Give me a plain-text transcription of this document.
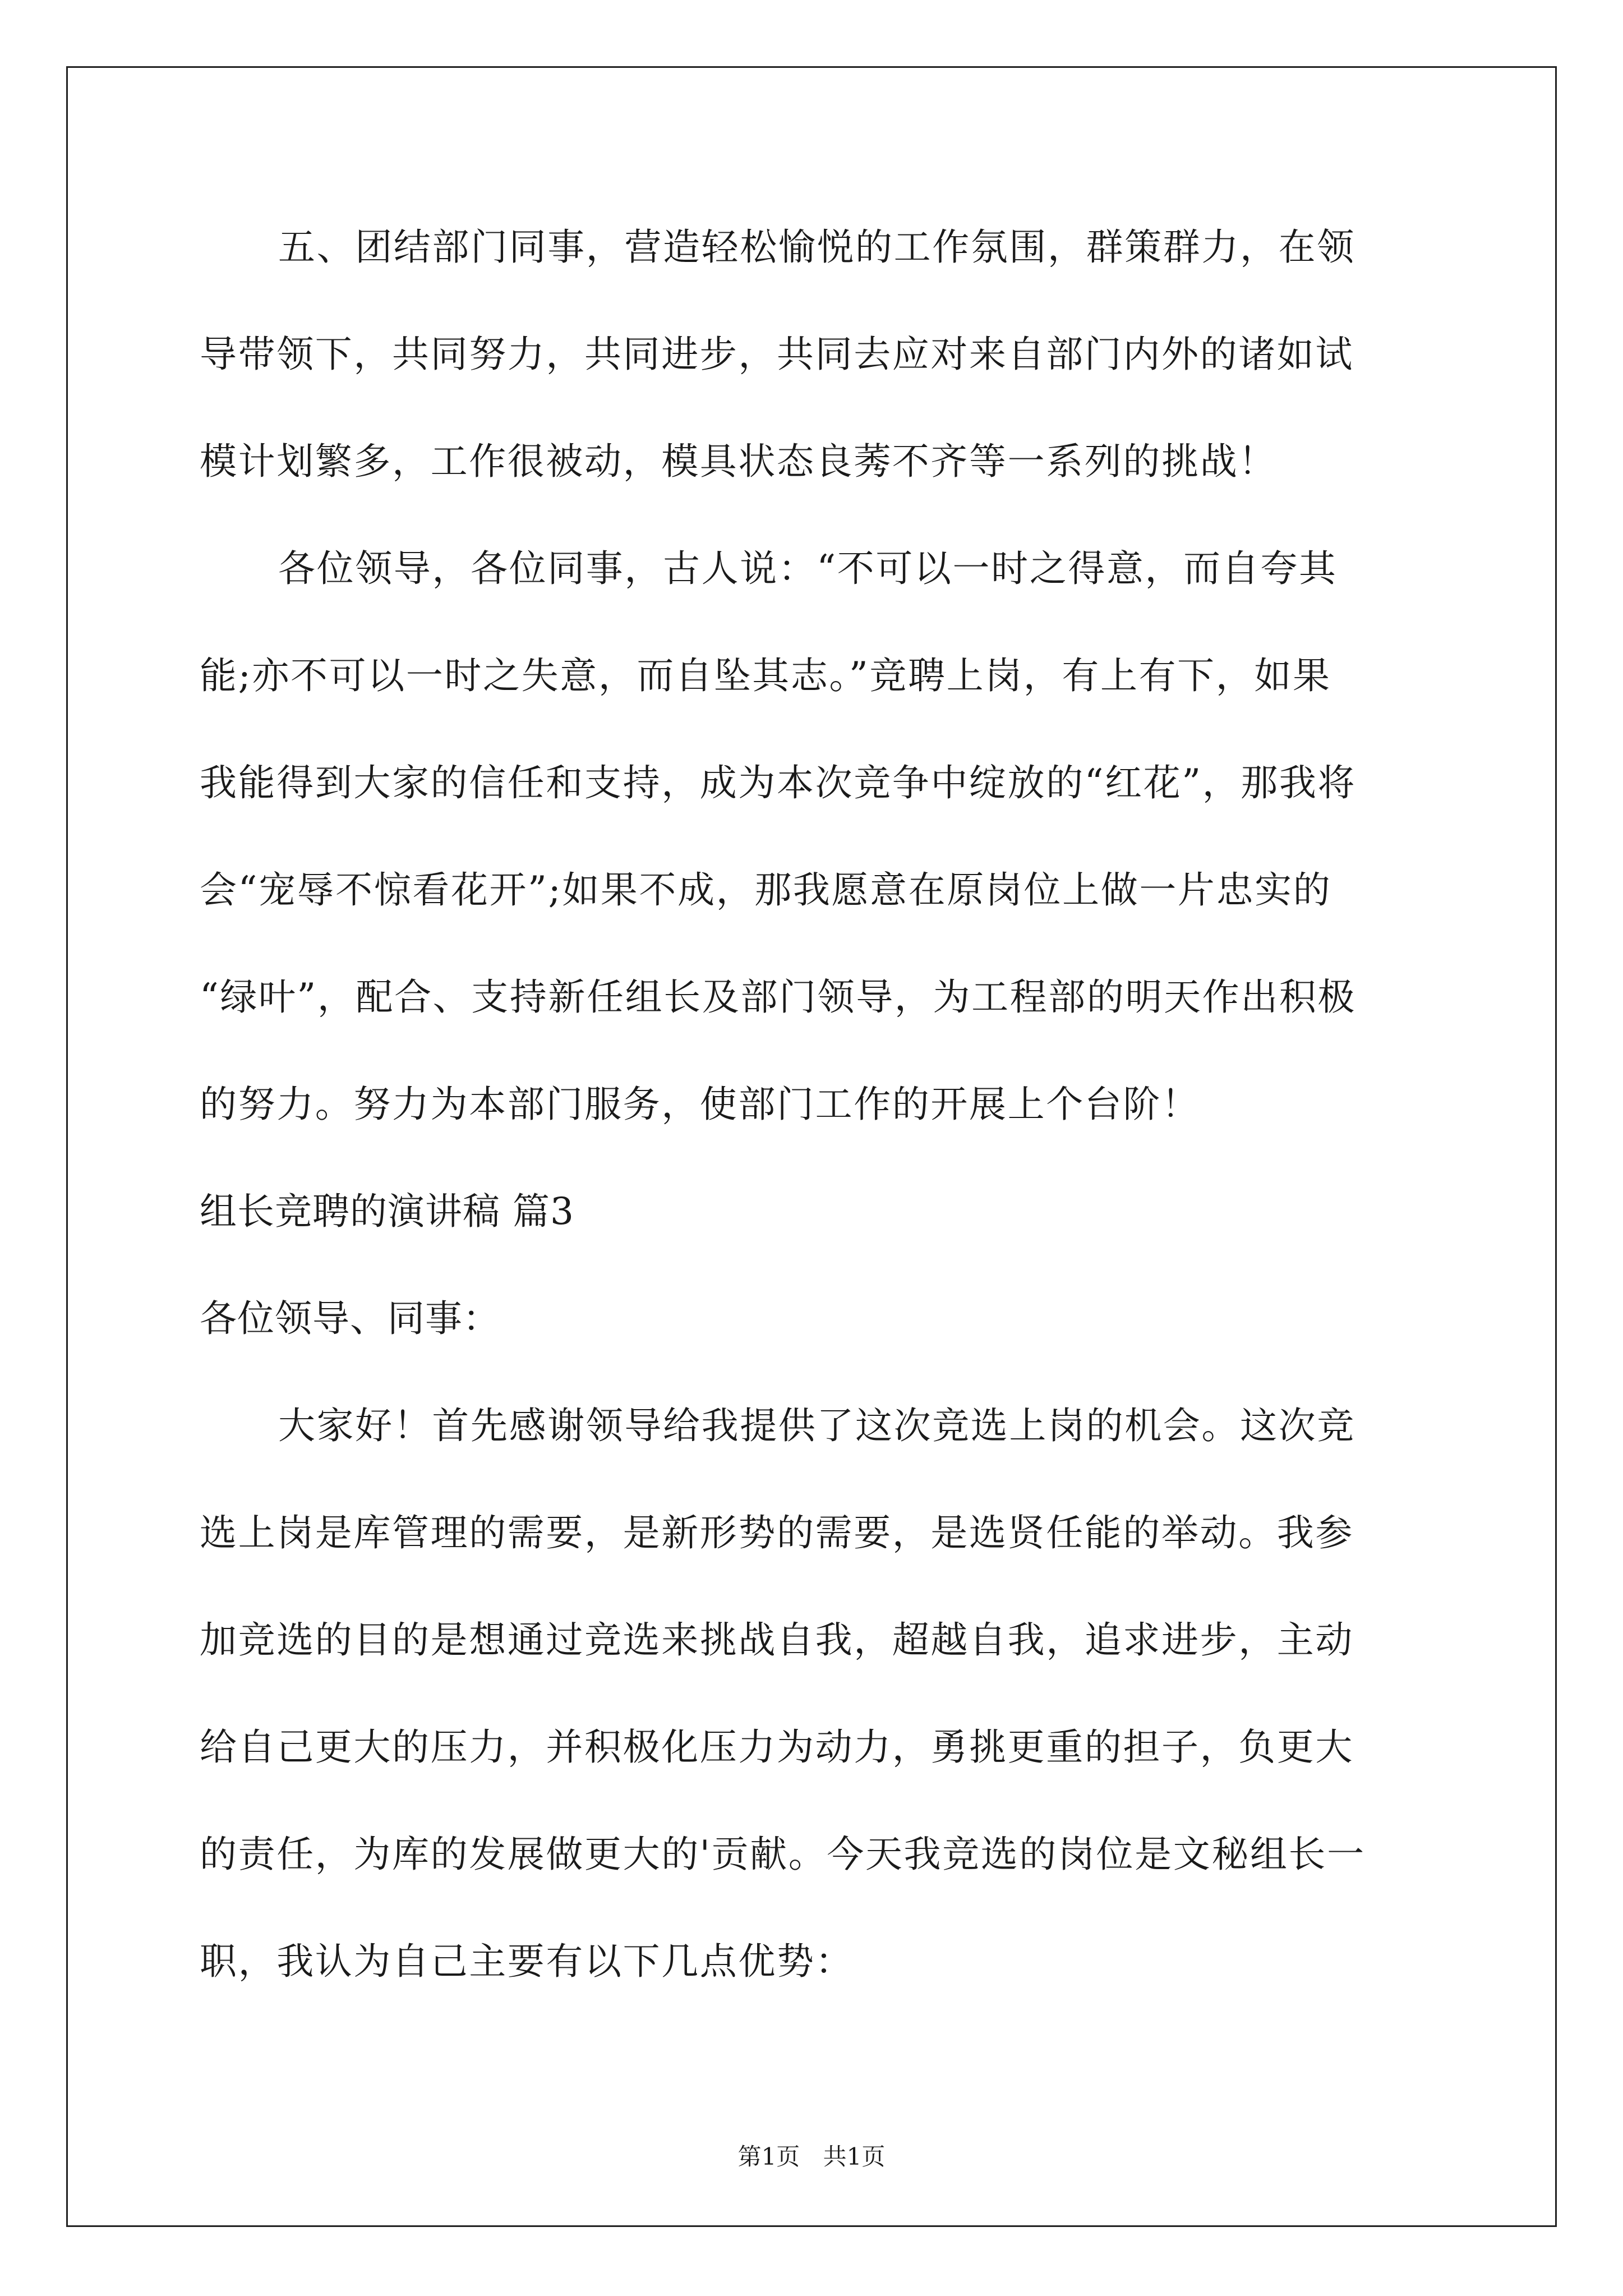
五、团结部门同事，营造轻松愉悦的工作氛围，群策群力，在领
导带领下，共同努力，共同进步，共同去应对来自部门内外的诸如试
模计划繁多，工作很被动，模具状态良莠不齐等一系列的挑战！
各位领导，各位同事，古人说：“不可以一时之得意，而自夸其
能;亦不可以一时之失意，而自坠其志。”竞聘上岗，有上有下，如果
我能得到大家的信任和支持，成为本次竞争中绽放的“红花”，那我将
会“宠辱不惊看花开”;如果不成，那我愿意在原岗位上做一片忠实的
“绿叶”，配合、支持新任组长及部门领导，为工程部的明天作出积极
的努力。努力为本部门服务，使部门工作的开展上个台阶！
组长竞聘的演讲稿 篇3
各位领导、同事：
大家好！首先感谢领导给我提供了这次竞选上岗的机会。这次竞
选上岗是库管理的需要，是新形势的需要，是选贤任能的举动。我参
加竞选的目的是想通过竞选来挑战自我，超越自我，追求进步，主动
给自己更大的压力，并积极化压力为动力，勇挑更重的担子，负更大
的责任，为库的发展做更大的'贡献。今天我竞选的岗位是文秘组长一
职，我认为自己主要有以下几点优势：
第1页 共1页
